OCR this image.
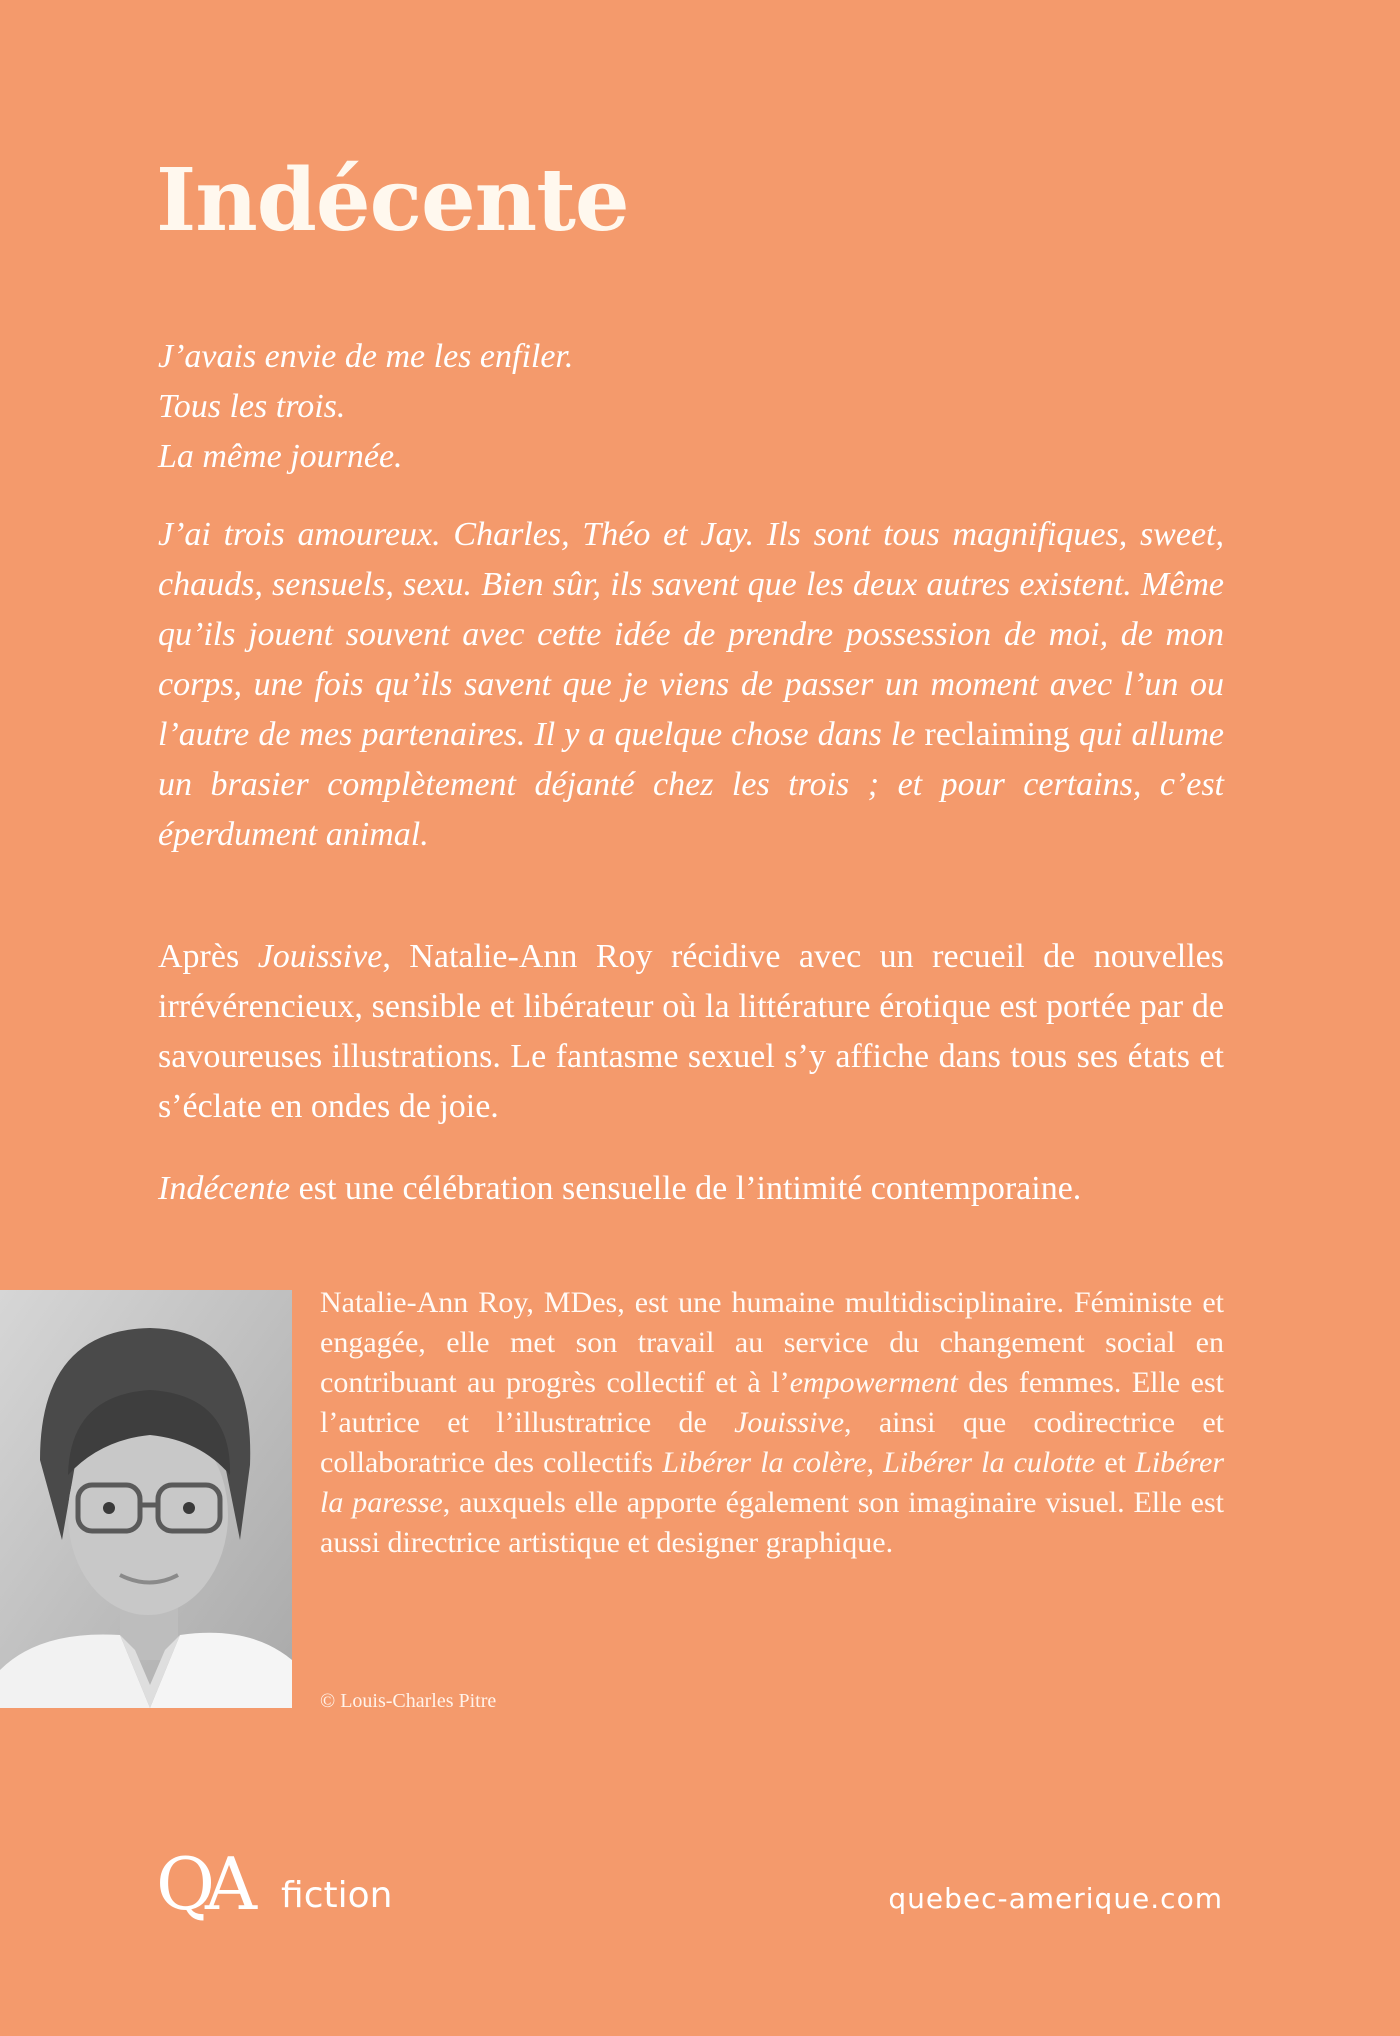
Indécente
J’avais envie de me les enfiler.
Tous les trois.
La même journée.
J’ai trois amoureux. Charles, Théo et Jay. Ils sont tous magnifiques, sweet, chauds, sensuels, sexu. Bien sûr, ils savent que les deux autres existent. Même qu’ils jouent souvent avec cette idée de prendre possession de moi, de mon corps, une fois qu’ils savent que je viens de passer un moment avec l’un ou l’autre de mes partenaires. Il y a quelque chose dans le reclaiming qui allume un brasier complètement déjanté chez les trois ; et pour certains, c’est éperdument animal.
Après Jouissive, Natalie-Ann Roy récidive avec un recueil de nouvelles irrévérencieux, sensible et libérateur où la littérature érotique est portée par de savoureuses illustrations. Le fantasme sexuel s’y affiche dans tous ses états et s’éclate en ondes de joie.
Indécente est une célébration sensuelle de l’intimité contemporaine.
Natalie-Ann Roy, MDes, est une humaine multidisciplinaire. Féministe et engagée, elle met son travail au service du changement social en contribuant au progrès collectif et à l’empowerment des femmes. Elle est l’autrice et l’illustratrice de Jouissive, ainsi que codirectrice et collaboratrice des collectifs Libérer la colère, Libérer la culotte et Libérer la paresse, auxquels elle apporte également son imaginaire visuel. Elle est aussi directrice artistique et designer graphique.
© Louis-Charles Pitre
QA fiction	quebec-amerique.com
